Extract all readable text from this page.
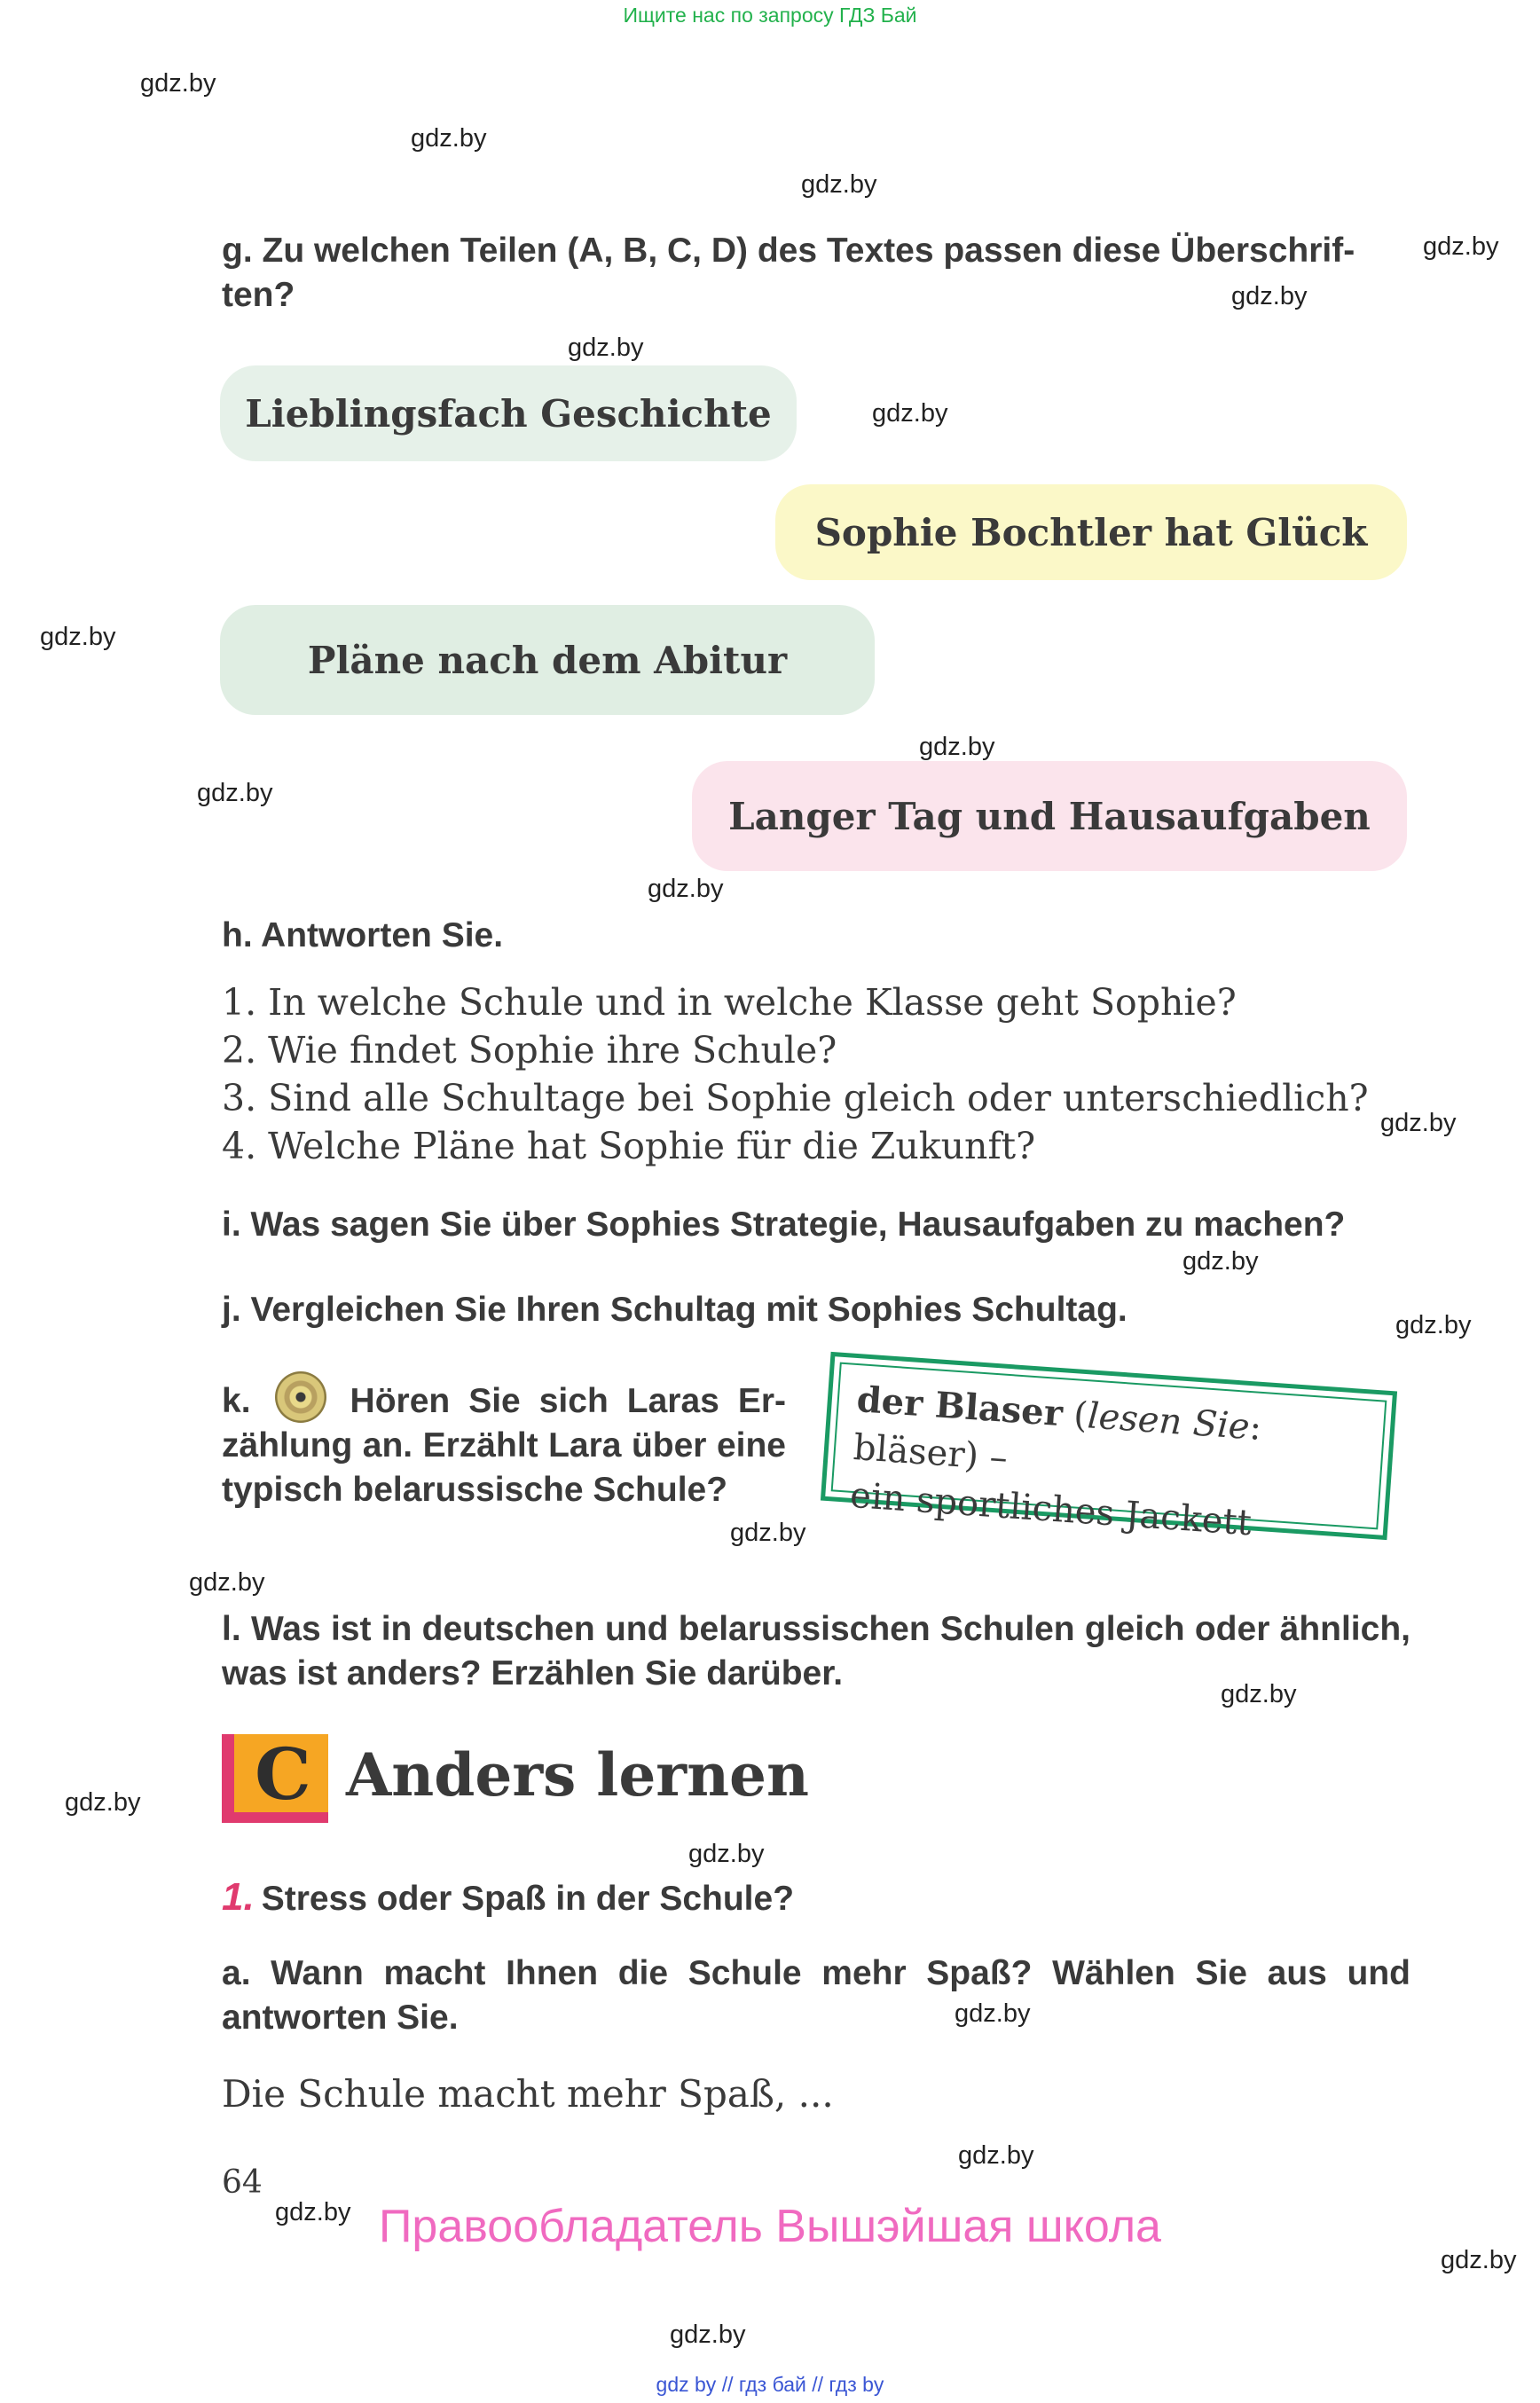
Ищите нас по запросу ГДЗ Бай
gdz.by
gdz.by
gdz.by
gdz.by
gdz.by
gdz.by
gdz.by
gdz.by
gdz.by
gdz.by
gdz.by
gdz.by
gdz.by
gdz.by
gdz.by
gdz.by
gdz.by
gdz.by
gdz.by
gdz.by
gdz.by
gdz.by
gdz.by
gdz.by
g. Zu welchen Teilen (A, B, C, D) des Textes passen diese Überschrif-
ten?
Lieblingsfach Geschichte
Sophie Bochtler hat Glück
Pläne nach dem Abitur
Langer Tag und Hausaufgaben
h. Antworten Sie.
1. In welche Schule und in welche Klasse geht Sophie?
2. Wie findet Sophie ihre Schule?
3. Sind alle Schultage bei Sophie gleich oder unterschiedlich?
4. Welche Pläne hat Sophie für die Zukunft?
i. Was sagen Sie über Sophies Strategie, Hausaufgaben zu machen?
j. Vergleichen Sie Ihren Schultag mit Sophies Schultag.
k.	Hören Sie sich Laras Er-zählung an. Erzählt Lara über eine typisch belarussische Schule?
der Blaser (lesen Sie: bläser) –
ein sportliches Jackett
l. Was ist in deutschen und belarussischen Schulen gleich oder ähnlich, was ist anders? Erzählen Sie darüber.
C Anders lernen
1. Stress oder Spaß in der Schule?
a. Wann macht Ihnen die Schule mehr Spaß? Wählen Sie aus und antworten Sie.
Die Schule macht mehr Spaß, ...
64
Правообладатель Вышэйшая школа
gdz by // гдз бай // гдз by
